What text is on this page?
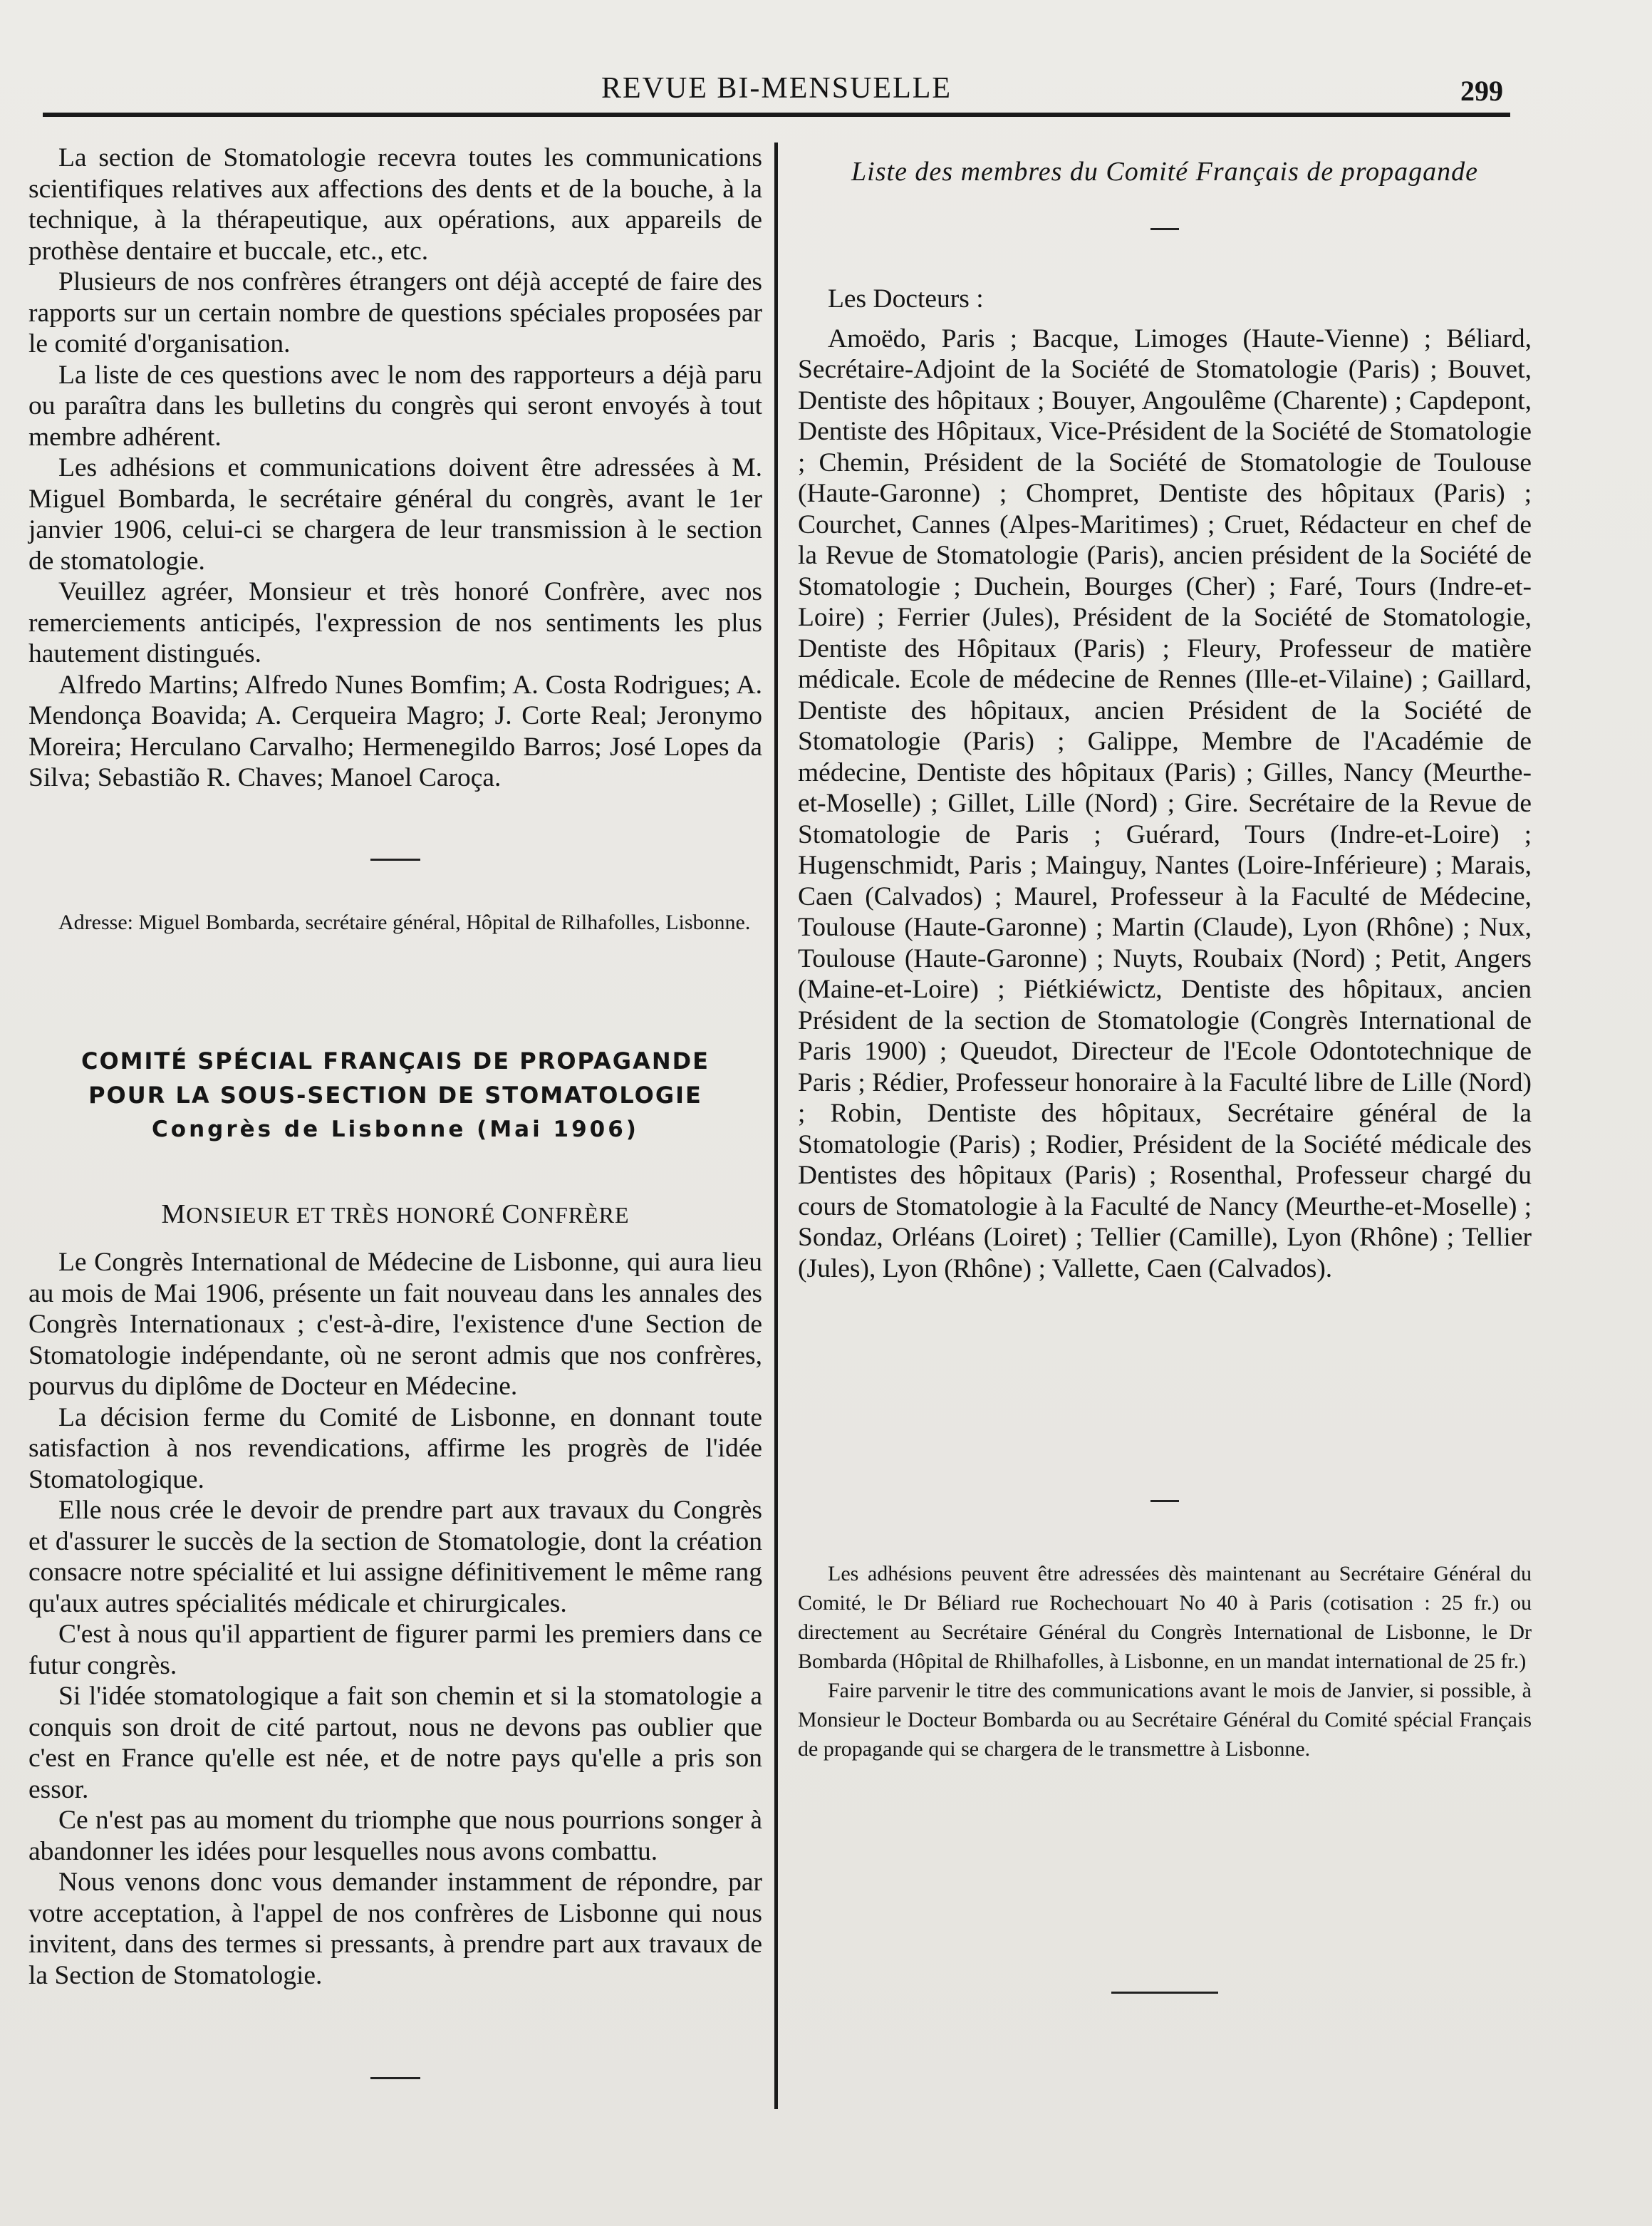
REVUE BI-MENSUELLE	299

La section de Stomatologie recevra toutes les communications scientifiques relatives aux affections des dents et de la bouche, à la technique, à la thérapeutique, aux opérations, aux appareils de prothèse dentaire et buccale, etc., etc.

Plusieurs de nos confrères étrangers ont déjà accepté de faire des rapports sur un certain nombre de questions spéciales proposées par le comité d'organisation.

La liste de ces questions avec le nom des rapporteurs a déjà paru ou paraîtra dans les bulletins du congrès qui seront envoyés à tout membre adhérent.

Les adhésions et communications doivent être adressées à M. Miguel Bombarda, le secrétaire général du congrès, avant le 1er janvier 1906, celui-ci se chargera de leur transmission à le section de stomatologie.

Veuillez agréer, Monsieur et très honoré Confrère, avec nos remerciements anticipés, l'expression de nos sentiments les plus hautement distingués.

Alfredo Martins; Alfredo Nunes Bomfim; A. Costa Rodrigues; A. Mendonça Boavida; A. Cerqueira Magro; J. Corte Real; Jeronymo Moreira; Herculano Carvalho; Hermenegildo Barros; José Lopes da Silva; Sebastião R. Chaves; Manoel Caroça.

Adresse: Miguel Bombarda, secrétaire général, Hôpital de Rilhafolles, Lisbonne.

COMITÉ SPÉCIAL FRANÇAIS DE PROPAGANDE
POUR LA SOUS-SECTION DE STOMATOLOGIE
Congrès de Lisbonne (Mai 1906)
MONSIEUR ET TRÈS HONORÉ CONFRÈRE

Le Congrès International de Médecine de Lisbonne, qui aura lieu au mois de Mai 1906, présente un fait nouveau dans les annales des Congrès Internationaux ; c'est-à-dire, l'existence d'une Section de Stomatologie indépendante, où ne seront admis que nos confrères, pourvus du diplôme de Docteur en Médecine.

La décision ferme du Comité de Lisbonne, en donnant toute satisfaction à nos revendications, affirme les progrès de l'idée Stomatologique.

Elle nous crée le devoir de prendre part aux travaux du Congrès et d'assurer le succès de la section de Stomatologie, dont la création consacre notre spécialité et lui assigne définitivement le même rang qu'aux autres spécialités médicale et chirurgicales.

C'est à nous qu'il appartient de figurer parmi les premiers dans ce futur congrès.

Si l'idée stomatologique a fait son chemin et si la stomatologie a conquis son droit de cité partout, nous ne devons pas oublier que c'est en France qu'elle est née, et de notre pays qu'elle a pris son essor.

Ce n'est pas au moment du triomphe que nous pourrions songer à abandonner les idées pour lesquelles nous avons combattu.

Nous venons donc vous demander instamment de répondre, par votre acceptation, à l'appel de nos confrères de Lisbonne qui nous invitent, dans des termes si pressants, à prendre part aux travaux de la Section de Stomatologie.

Liste des membres du Comité Français de propagande

Les Docteurs :

Amoëdo, Paris ; Bacque, Limoges (Haute-Vienne) ; Béliard, Secrétaire-Adjoint de la Société de Stomatologie (Paris) ; Bouvet, Dentiste des hôpitaux ; Bouyer, Angoulême (Charente) ; Capdepont, Dentiste des Hôpitaux, Vice-Président de la Société de Stomatologie ; Chemin, Président de la Société de Stomatologie de Toulouse (Haute-Garonne) ; Chompret, Dentiste des hôpitaux (Paris) ; Courchet, Cannes (Alpes-Maritimes) ; Cruet, Rédacteur en chef de la Revue de Stomatologie (Paris), ancien président de la Société de Stomatologie ; Duchein, Bourges (Cher) ; Faré, Tours (Indre-et-Loire) ; Ferrier (Jules), Président de la Société de Stomatologie, Dentiste des Hôpitaux (Paris) ; Fleury, Professeur de matière médicale. Ecole de médecine de Rennes (Ille-et-Vilaine) ; Gaillard, Dentiste des hôpitaux, ancien Président de la Société de Stomatologie (Paris) ; Galippe, Membre de l'Académie de médecine, Dentiste des hôpitaux (Paris) ; Gilles, Nancy (Meurthe-et-Moselle) ; Gillet, Lille (Nord) ; Gire. Secrétaire de la Revue de Stomatologie de Paris ; Guérard, Tours (Indre-et-Loire) ; Hugenschmidt, Paris ; Mainguy, Nantes (Loire-Inférieure) ; Marais, Caen (Calvados) ; Maurel, Professeur à la Faculté de Médecine, Toulouse (Haute-Garonne) ; Martin (Claude), Lyon (Rhône) ; Nux, Toulouse (Haute-Garonne) ; Nuyts, Roubaix (Nord) ; Petit, Angers (Maine-et-Loire) ; Piétkiéwictz, Dentiste des hôpitaux, ancien Président de la section de Stomatologie (Congrès International de Paris 1900) ; Queudot, Directeur de l'Ecole Odontotechnique de Paris ; Rédier, Professeur honoraire à la Faculté libre de Lille (Nord) ; Robin, Dentiste des hôpitaux, Secrétaire général de la Stomatologie (Paris) ; Rodier, Président de la Société médicale des Dentistes des hôpitaux (Paris) ; Rosenthal, Professeur chargé du cours de Stomatologie à la Faculté de Nancy (Meurthe-et-Moselle) ; Sondaz, Orléans (Loiret) ; Tellier (Camille), Lyon (Rhône) ; Tellier (Jules), Lyon (Rhône) ; Vallette, Caen (Calvados).

Les adhésions peuvent être adressées dès maintenant au Secrétaire Général du Comité, le Dr Béliard rue Rochechouart No 40 à Paris (cotisation : 25 fr.) ou directement au Secrétaire Général du Congrès International de Lisbonne, le Dr Bombarda (Hôpital de Rhilhafolles, à Lisbonne, en un mandat international de 25 fr.)

Faire parvenir le titre des communications avant le mois de Janvier, si possible, à Monsieur le Docteur Bombarda ou au Secrétaire Général du Comité spécial Français de propagande qui se chargera de le transmettre à Lisbonne.
